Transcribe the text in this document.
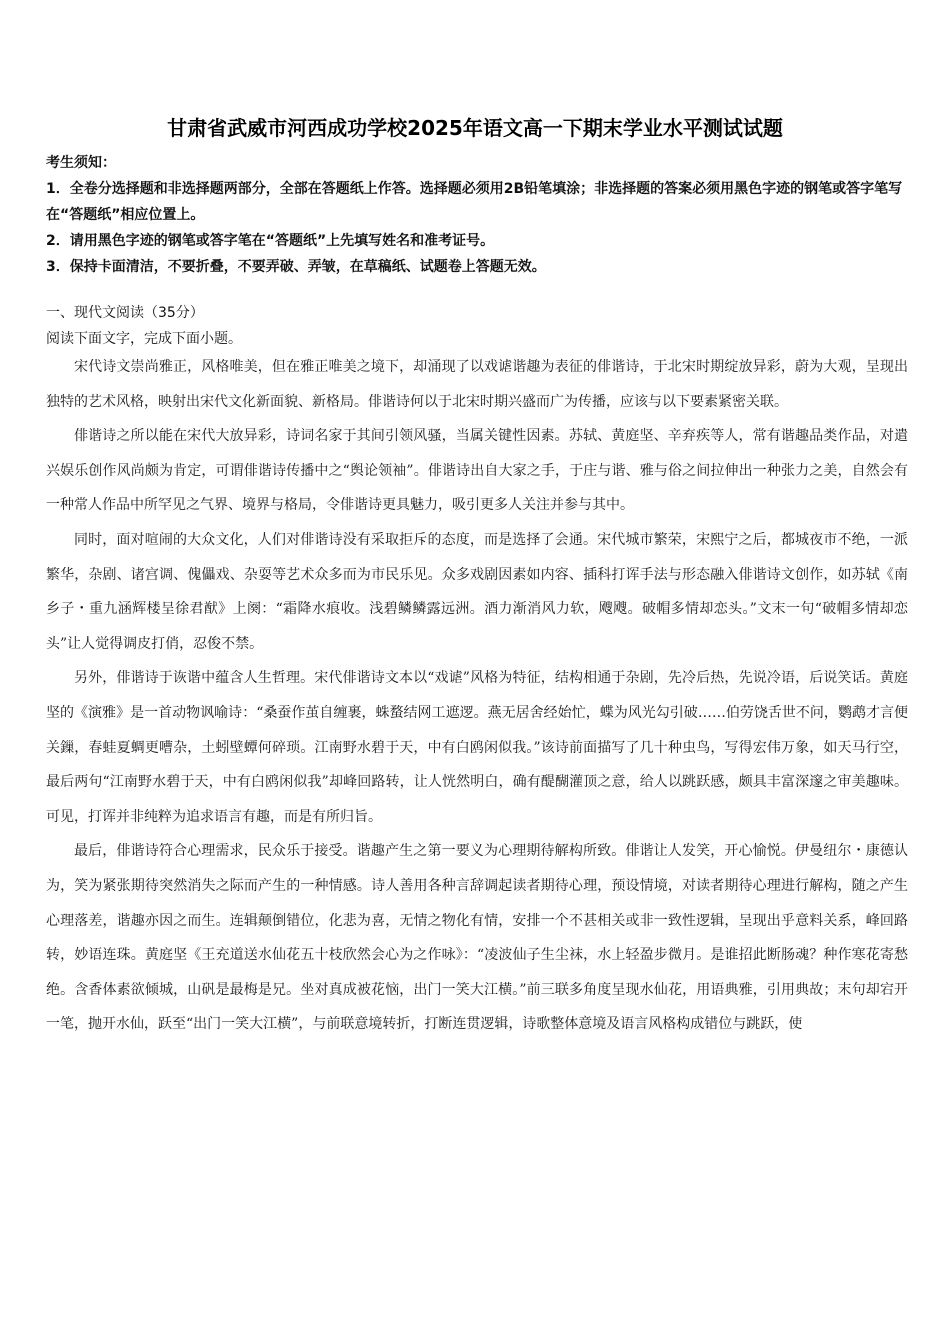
甘肃省武威市河西成功学校2025年语文高一下期末学业水平测试试题

考生须知：

1．全卷分选择题和非选择题两部分，全部在答题纸上作答。选择题必须用2B铅笔填涂；非选择题的答案必须用黑色字迹的钢笔或答字笔写在“答题纸”相应位置上。

2．请用黑色字迹的钢笔或答字笔在“答题纸”上先填写姓名和准考证号。

3．保持卡面清洁，不要折叠，不要弄破、弄皱，在草稿纸、试题卷上答题无效。

一、现代文阅读（35分）

阅读下面文字，完成下面小题。

宋代诗文崇尚雅正，风格唯美，但在雅正唯美之境下，却涌现了以戏谑谐趣为表征的俳谐诗，于北宋时期绽放异彩，蔚为大观，呈现出独特的艺术风格，映射出宋代文化新面貌、新格局。俳谐诗何以于北宋时期兴盛而广为传播，应该与以下要素紧密关联。

俳谐诗之所以能在宋代大放异彩，诗词名家于其间引领风骚，当属关键性因素。苏轼、黄庭坚、辛弃疾等人，常有谐趣品类作品，对遣兴娱乐创作风尚颇为肯定，可谓俳谐诗传播中之“舆论领袖”。俳谐诗出自大家之手，于庄与谐、雅与俗之间拉伸出一种张力之美，自然会有一种常人作品中所罕见之气界、境界与格局，令俳谐诗更具魅力，吸引更多人关注并参与其中。

同时，面对喧闹的大众文化，人们对俳谐诗没有采取拒斥的态度，而是选择了会通。宋代城市繁荣，宋熙宁之后，都城夜市不绝，一派繁华，杂剧、诸宫调、傀儡戏、杂耍等艺术众多而为市民乐见。众多戏剧因素如内容、插科打诨手法与形态融入俳谐诗文创作，如苏轼《南乡子・重九涵辉楼呈徐君猷》上阕：“霜降水痕收。浅碧鳞鳞露远洲。酒力渐消风力软，飕飕。破帽多情却恋头。”文末一句“破帽多情却恋头”让人觉得调皮打俏，忍俊不禁。

另外，俳谐诗于诙谐中蕴含人生哲理。宋代俳谐诗文本以“戏谑”风格为特征，结构相通于杂剧，先冷后热，先说冷语，后说笑话。黄庭坚的《演雅》是一首动物讽喻诗：“桑蚕作茧自缠裹，蛛蝥结网工遮逻。燕无居舍经始忙，蝶为风光勾引破……伯劳饶舌世不问，鹦鹉才言便关鏁，春蛙夏蜩更嘈杂，土蚓壁蟫何碎琐。江南野水碧于天，中有白鸥闲似我。”该诗前面描写了几十种虫鸟，写得宏伟万象，如天马行空，最后两句“江南野水碧于天，中有白鸥闲似我”却峰回路转，让人恍然明白，确有醍醐灌顶之意，给人以跳跃感，颇具丰富深邃之审美趣味。可见，打诨并非纯粹为追求语言有趣，而是有所归旨。

最后，俳谐诗符合心理需求，民众乐于接受。谐趣产生之第一要义为心理期待解构所致。俳谐让人发笑，开心愉悦。伊曼纽尔・康德认为，笑为紧张期待突然消失之际而产生的一种情感。诗人善用各种言辞调起读者期待心理，预设情境，对读者期待心理进行解构，随之产生心理落差，谐趣亦因之而生。连辑颠倒错位，化悲为喜，无情之物化有情，安排一个不甚相关或非一致性逻辑，呈现出乎意料关系，峰回路转，妙语连珠。黄庭坚《王充道送水仙花五十枝欣然会心为之作咏》：“凌波仙子生尘袜，水上轻盈步微月。是谁招此断肠魂？种作寒花寄愁绝。含香体素欲倾城，山矾是最梅是兄。坐对真成被花恼，出门一笑大江横。”前三联多角度呈现水仙花，用语典雅，引用典故；末句却宕开一笔，抛开水仙，跃至“出门一笑大江横”，与前联意境转折，打断连贯逻辑，诗歌整体意境及语言风格构成错位与跳跃，使
